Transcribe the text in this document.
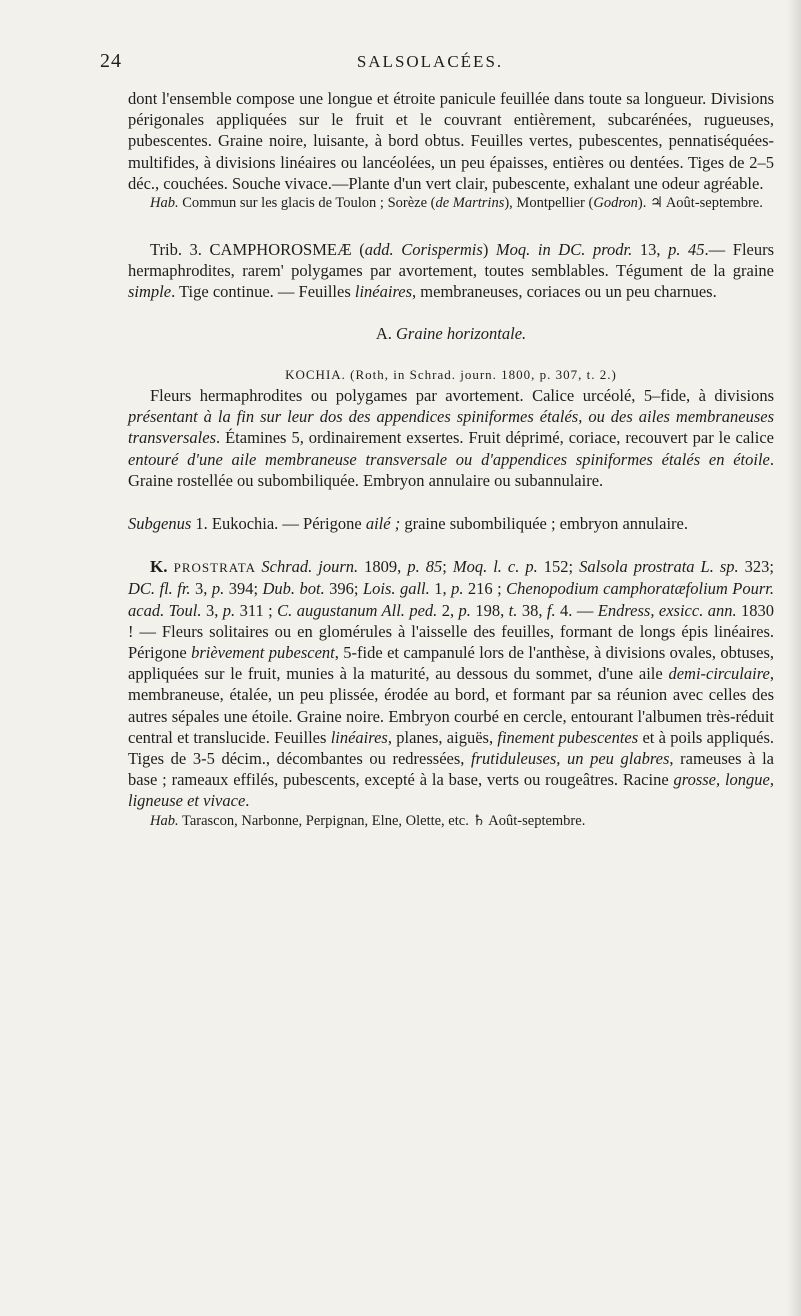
24	SALSOLACÉES.

dont l'ensemble compose une longue et étroite panicule feuillée dans toute sa longueur. Divisions périgonales appliquées sur le fruit et le couvrant entièrement, subcarénées, rugueuses, pubescentes. Graine noire, luisante, à bord obtus. Feuilles vertes, pubescentes, pennatiséquées-multifides, à divisions linéaires ou lancéolées, un peu épaisses, entières ou dentées. Tiges de 2–5 déc., couchées. Souche vivace.—Plante d'un vert clair, pubescente, exhalant une odeur agréable.

Hab. Commun sur les glacis de Toulon ; Sorèze (de Martrins), Montpellier (Godron). ♃ Août-septembre.

Trib. 3. CAMPHOROSMEÆ (add. Corispermis) Moq. in DC. prodr. 13, p. 45.— Fleurs hermaphrodites, rarem' polygames par avortement, toutes semblables. Tégument de la graine simple. Tige continue. — Feuilles linéaires, membraneuses, coriaces ou un peu charnues.

A. Graine horizontale.

KOCHIA. (Roth, in Schrad. journ. 1800, p. 307, t. 2.)

Fleurs hermaphrodites ou polygames par avortement. Calice urcéolé, 5–fide, à divisions présentant à la fin sur leur dos des appendices spiniformes étalés, ou des ailes membraneuses transversales. Étamines 5, ordinairement exsertes. Fruit déprimé, coriace, recouvert par le calice entouré d'une aile membraneuse transversale ou d'appendices spiniformes étalés en étoile. Graine rostellée ou subombiliquée. Embryon annulaire ou subannulaire.

Subgenus 1. Eukochia. — Périgone ailé ; graine subombiliquée ; embryon annulaire.

K. PROSTRATA Schrad. journ. 1809, p. 85; Moq. l. c. p. 152; Salsola prostrata L. sp. 323; DC. fl. fr. 3, p. 394; Dub. bot. 396; Lois. gall. 1, p. 216 ; Chenopodium camphoratæfolium Pourr. acad. Toul. 3, p. 311 ; C. augustanum All. ped. 2, p. 198, t. 38, f. 4. — Endress, exsicc. ann. 1830 ! — Fleurs solitaires ou en glomérules à l'aisselle des feuilles, formant de longs épis linéaires. Périgone brièvement pubescent, 5-fide et campanulé lors de l'anthèse, à divisions ovales, obtuses, appliquées sur le fruit, munies à la maturité, au dessous du sommet, d'une aile demi-circulaire, membraneuse, étalée, un peu plissée, érodée au bord, et formant par sa réunion avec celles des autres sépales une étoile. Graine noire. Embryon courbé en cercle, entourant l'albumen très-réduit central et translucide. Feuilles linéaires, planes, aiguës, finement pubescentes et à poils appliqués. Tiges de 3-5 décim., décombantes ou redressées, frutiduleuses, un peu glabres, rameuses à la base ; rameaux effilés, pubescents, excepté à la base, verts ou rougeâtres. Racine grosse, longue, ligneuse et vivace.

Hab. Tarascon, Narbonne, Perpignan, Elne, Olette, etc. ♄ Août-septembre.
